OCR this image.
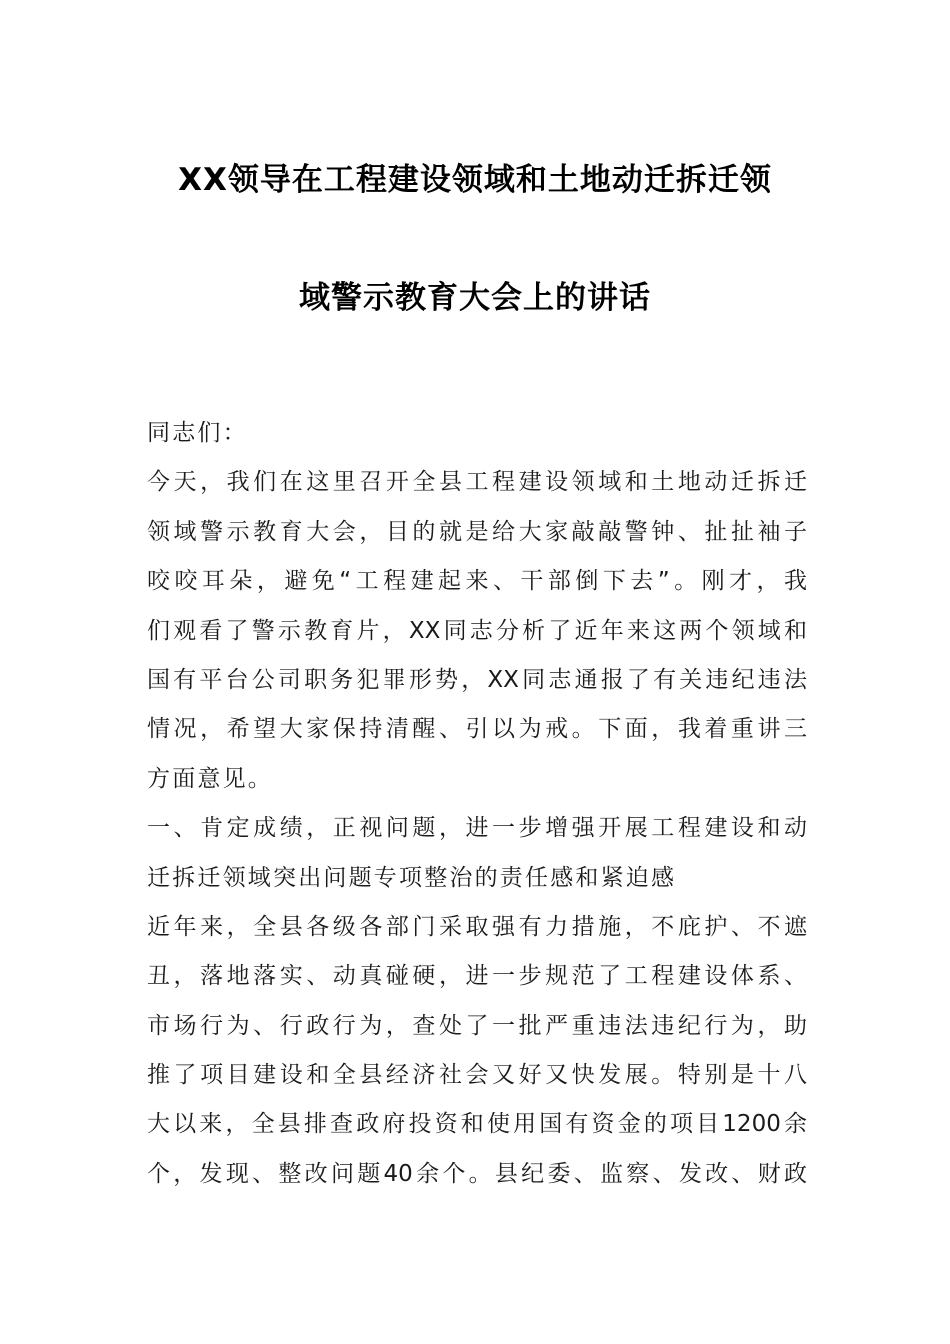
XX领导在工程建设领域和土地动迁拆迁领
域警示教育大会上的讲话
同志们：
今天，我们在这里召开全县工程建设领域和土地动迁拆迁
领域警示教育大会，目的就是给大家敲敲警钟、扯扯袖子
咬咬耳朵，避免“工程建起来、干部倒下去”。刚才，我
们观看了警示教育片，XX同志分析了近年来这两个领域和
国有平台公司职务犯罪形势，XX同志通报了有关违纪违法
情况，希望大家保持清醒、引以为戒。下面，我着重讲三
方面意见。
一、肯定成绩，正视问题，进一步增强开展工程建设和动
迁拆迁领域突出问题专项整治的责任感和紧迫感
近年来，全县各级各部门采取强有力措施，不庇护、不遮
丑，落地落实、动真碰硬，进一步规范了工程建设体系、
市场行为、行政行为，查处了一批严重违法违纪行为，助
推了项目建设和全县经济社会又好又快发展。特别是十八
大以来，全县排查政府投资和使用国有资金的项目1200余
个，发现、整改问题40余个。县纪委、监察、发改、财政
